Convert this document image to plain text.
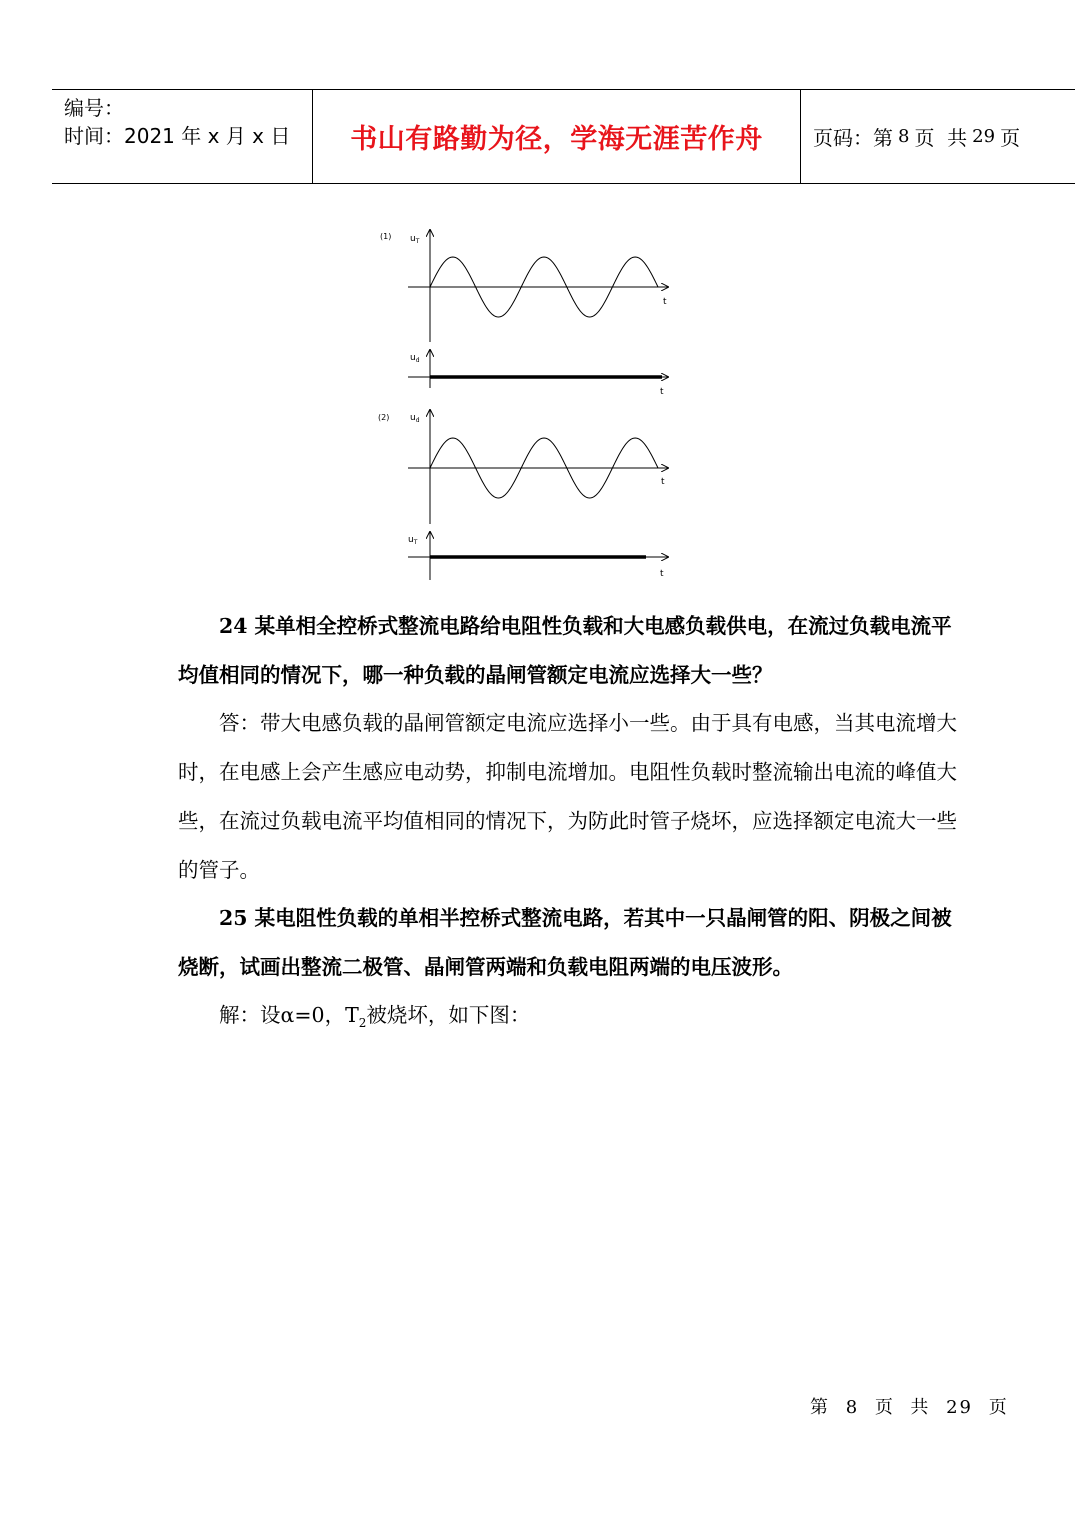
编号：
时间：2021 年 x 月 x 日	书山有路勤为径，学海无涯苦作舟	页码：第 8 页  共 29 页
(1) $u_T$
t
$u_d$
t
(2) $u_d$
t
$u_T$
t

24 某单相全控桥式整流电路给电阻性负载和大电感负载供电，在流过负载电流平均值相同的情况下，哪一种负载的晶闸管额定电流应选择大一些？

答：带大电感负载的晶闸管额定电流应选择小一些。由于具有电感，当其电流增大时，在电感上会产生感应电动势，抑制电流增加。电阻性负载时整流输出电流的峰值大些，在流过负载电流平均值相同的情况下，为防此时管子烧坏，应选择额定电流大一些的管子。

25 某电阻性负载的单相半控桥式整流电路，若其中一只晶闸管的阳、阴极之间被烧断，试画出整流二极管、晶闸管两端和负载电阻两端的电压波形。

解：设α=0，$T_2$被烧坏，如下图：

第 8 页  共 29 页
